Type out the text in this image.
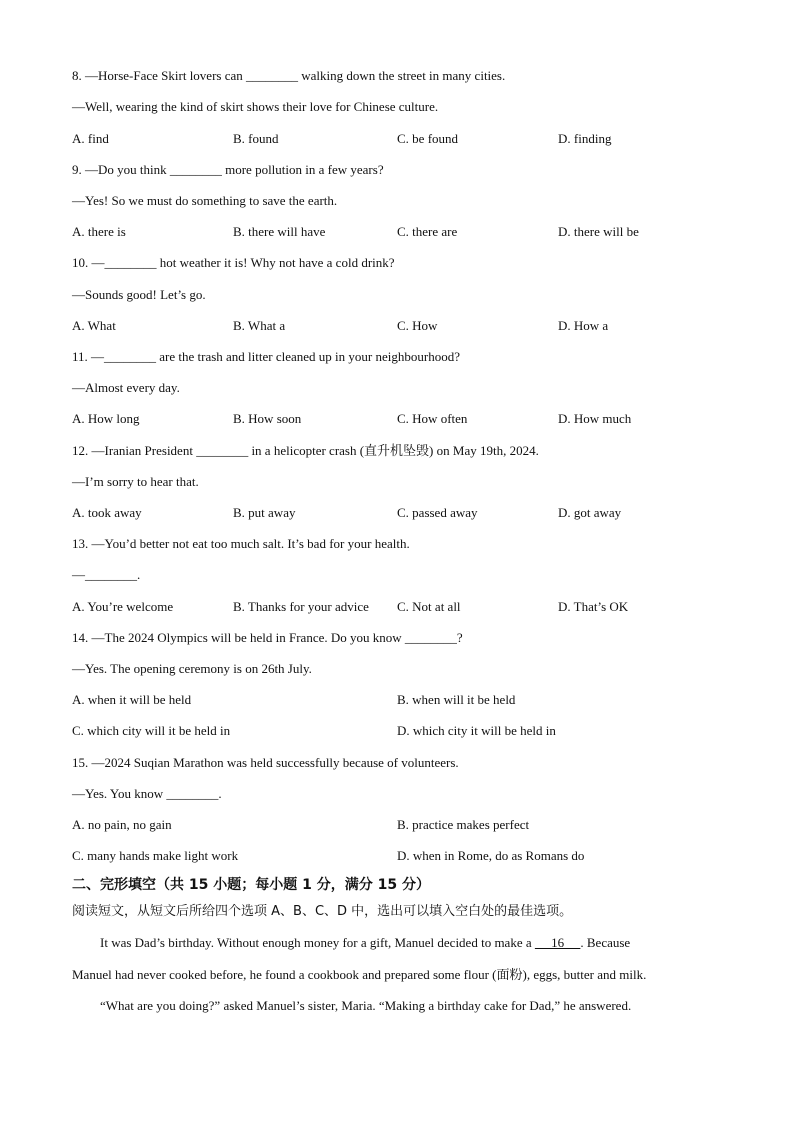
8. —Horse-Face Skirt lovers can ________ walking down the street in many cities.
—Well, wearing the kind of skirt shows their love for Chinese culture.
A. find	B. found	C. be found	D. finding
9. —Do you think ________ more pollution in a few years?
—Yes! So we must do something to save the earth.
A. there is	B. there will have	C. there are	D. there will be
10. —________ hot weather it is! Why not have a cold drink?
—Sounds good! Let’s go.
A. What	B. What a	C. How	D. How a
11. —________ are the trash and litter cleaned up in your neighbourhood?
—Almost every day.
A. How long	B. How soon	C. How often	D. How much
12. —Iranian President ________ in a helicopter crash (直升机坠毁) on May 19th, 2024.
—I’m sorry to hear that.
A. took away	B. put away	C. passed away	D. got away
13. —You’d better not eat too much salt. It’s bad for your health.
—________.
A. You’re welcome	B. Thanks for your advice C. Not at all	D. That’s OK
14. —The 2024 Olympics will be held in France. Do you know ________?
—Yes. The opening ceremony is on 26th July.
A. when it will be held	B. when will it be held
C. which city will it be held in	D. which city it will be held in
15. —2024 Suqian Marathon was held successfully because of volunteers.
—Yes. You know ________.
A. no pain, no gain	B. practice makes perfect
C. many hands make light work	D. when in Rome, do as Romans do
二、完形填空（共 15 小题；每小题 1 分，满分 15 分）
阅读短文，从短文后所给四个选项 A、B、C、D 中，选出可以填入空白处的最佳选项。
It was Dad’s birthday. Without enough money for a gift, Manuel decided to make a      16     . Because
Manuel had never cooked before, he found a cookbook and prepared some flour (面粉), eggs, butter and milk.
“What are you doing?” asked Manuel’s sister, Maria. “Making a birthday cake for Dad,” he answered.
